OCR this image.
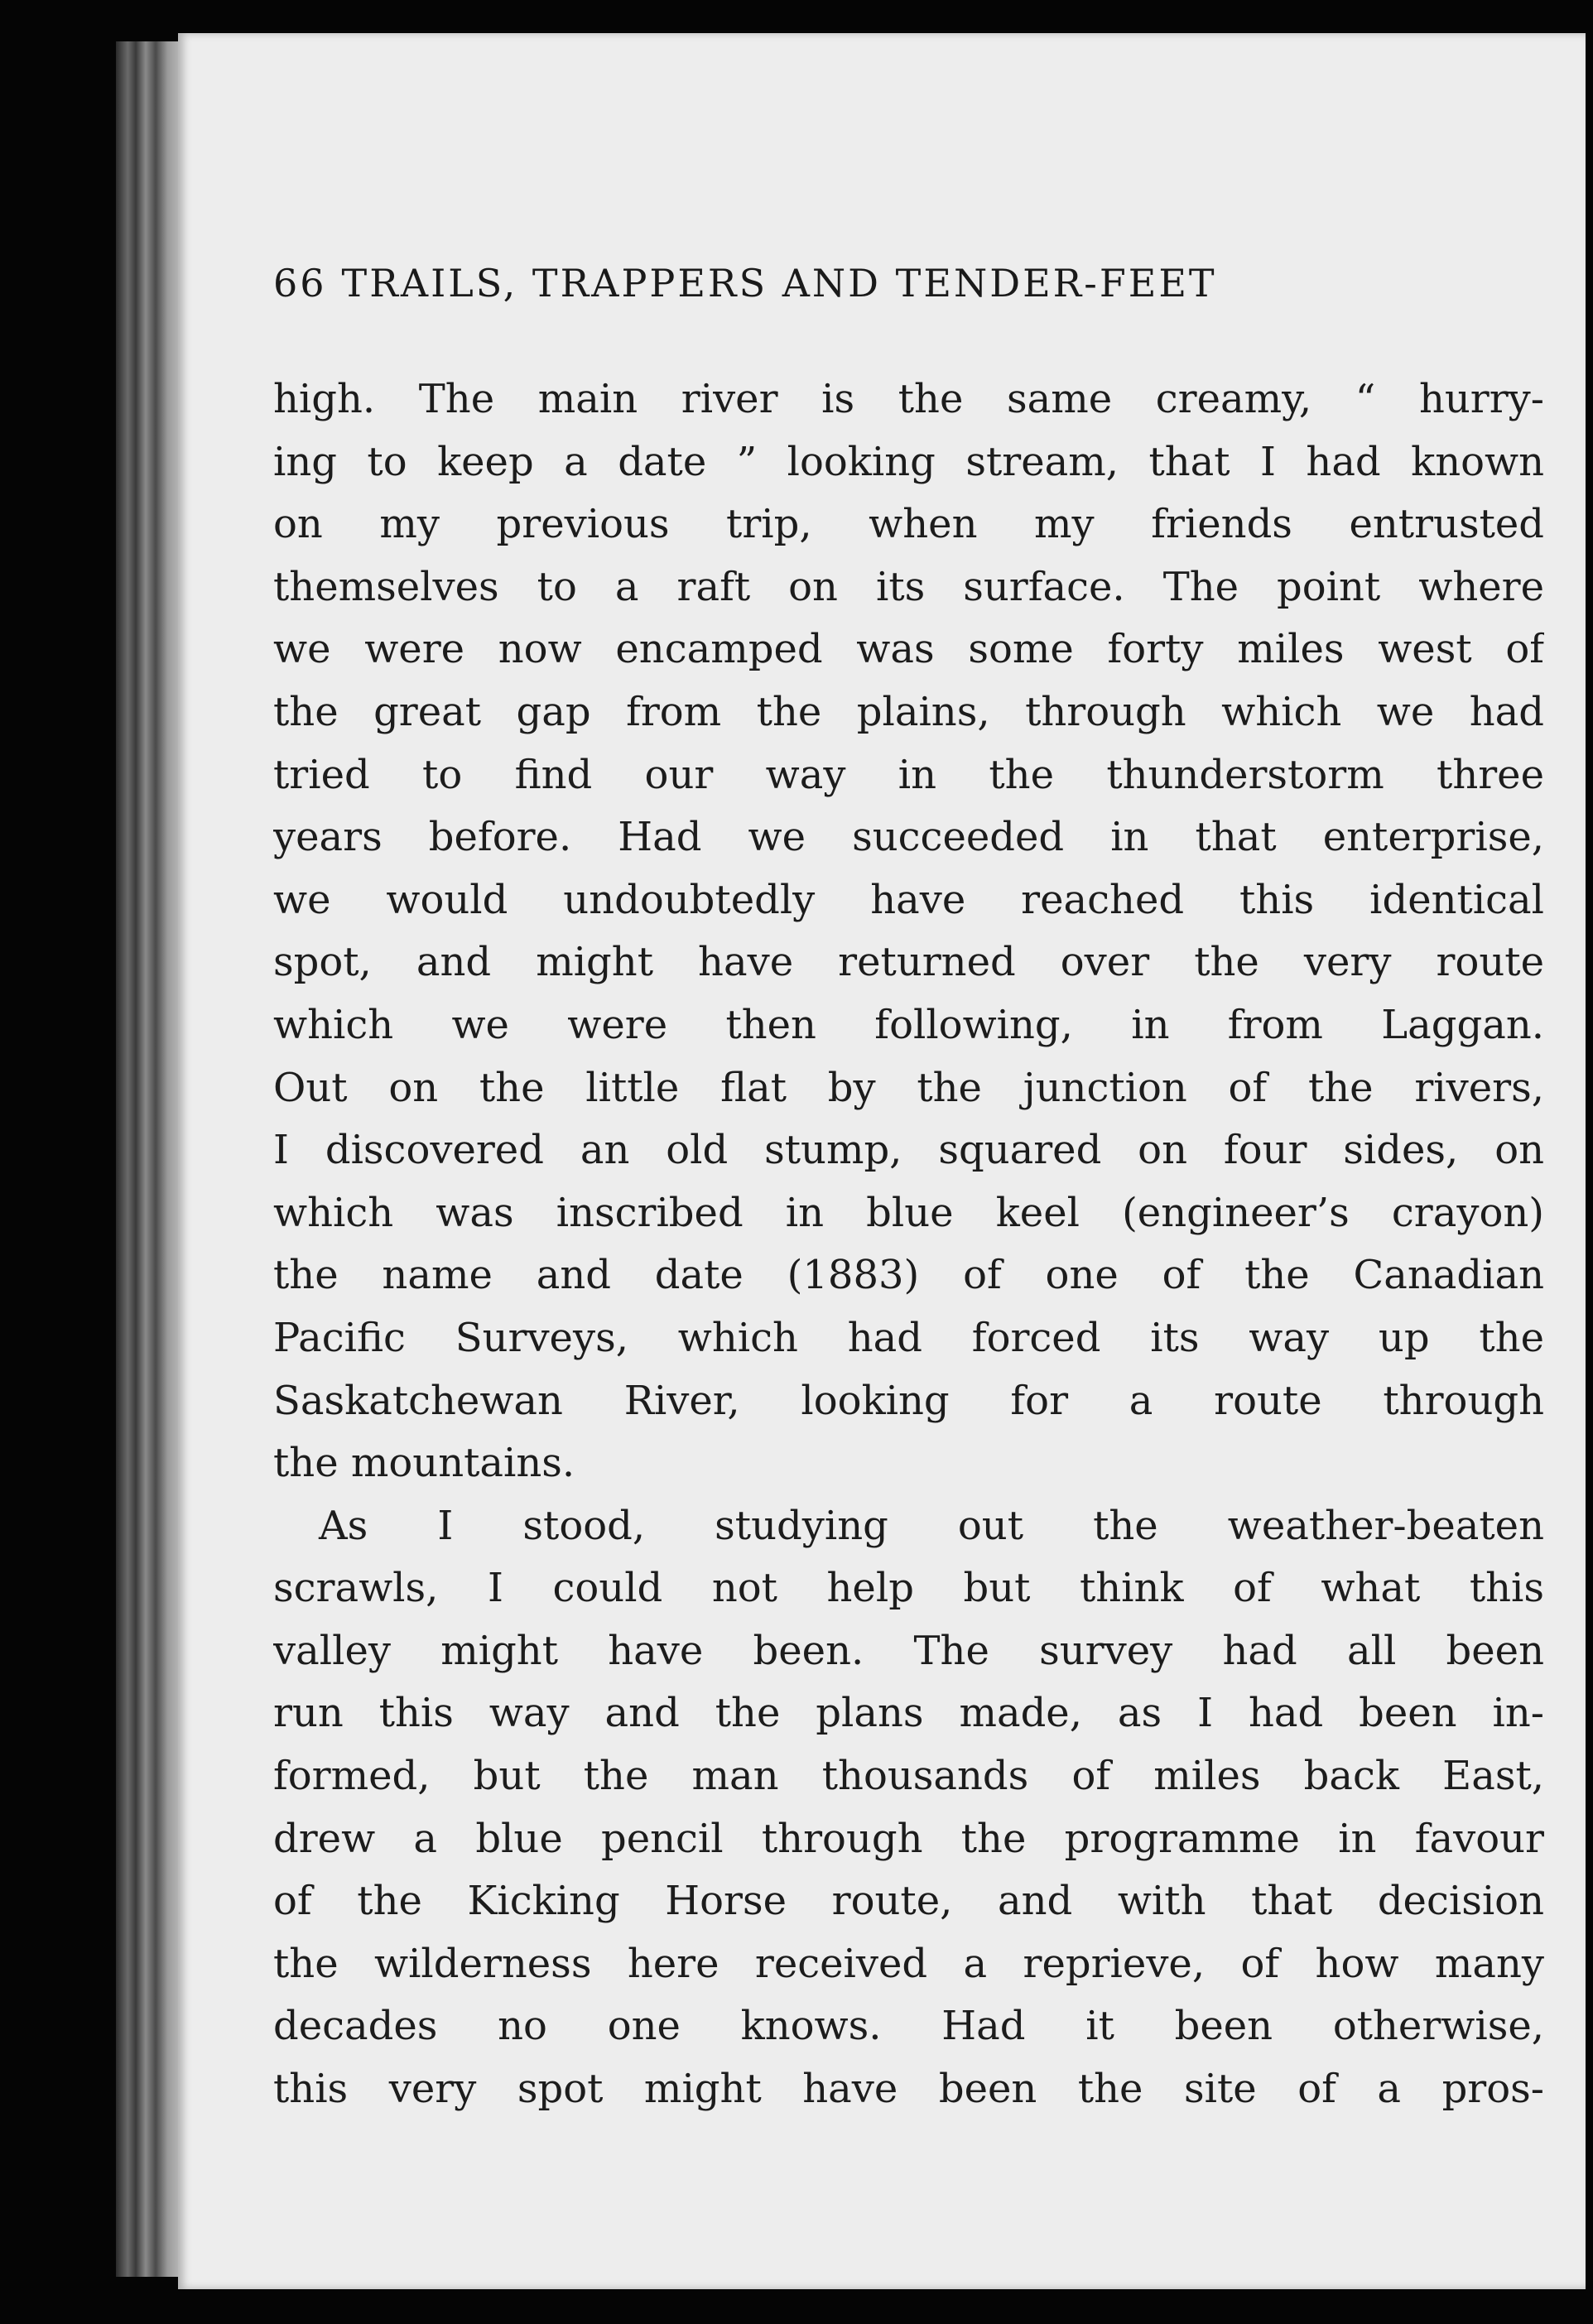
66 TRAILS, TRAPPERS AND TENDER-FEET
high. The main river is the same creamy, “ hurry-
ing to keep a date ” looking stream, that I had known
on my previous trip, when my friends entrusted
themselves to a raft on its surface. The point where
we were now encamped was some forty miles west of
the great gap from the plains, through which we had
tried to find our way in the thunderstorm three
years before. Had we succeeded in that enterprise,
we would undoubtedly have reached this identical
spot, and might have returned over the very route
which we were then following, in from Laggan.
Out on the little flat by the junction of the rivers,
I discovered an old stump, squared on four sides, on
which was inscribed in blue keel (engineer’s crayon)
the name and date (1883) of one of the Canadian
Pacific Surveys, which had forced its way up the
Saskatchewan River, looking for a route through
the mountains.
As I stood, studying out the weather-beaten
scrawls, I could not help but think of what this
valley might have been. The survey had all been
run this way and the plans made, as I had been in-
formed, but the man thousands of miles back East,
drew a blue pencil through the programme in favour
of the Kicking Horse route, and with that decision
the wilderness here received a reprieve, of how many
decades no one knows. Had it been otherwise,
this very spot might have been the site of a pros-
